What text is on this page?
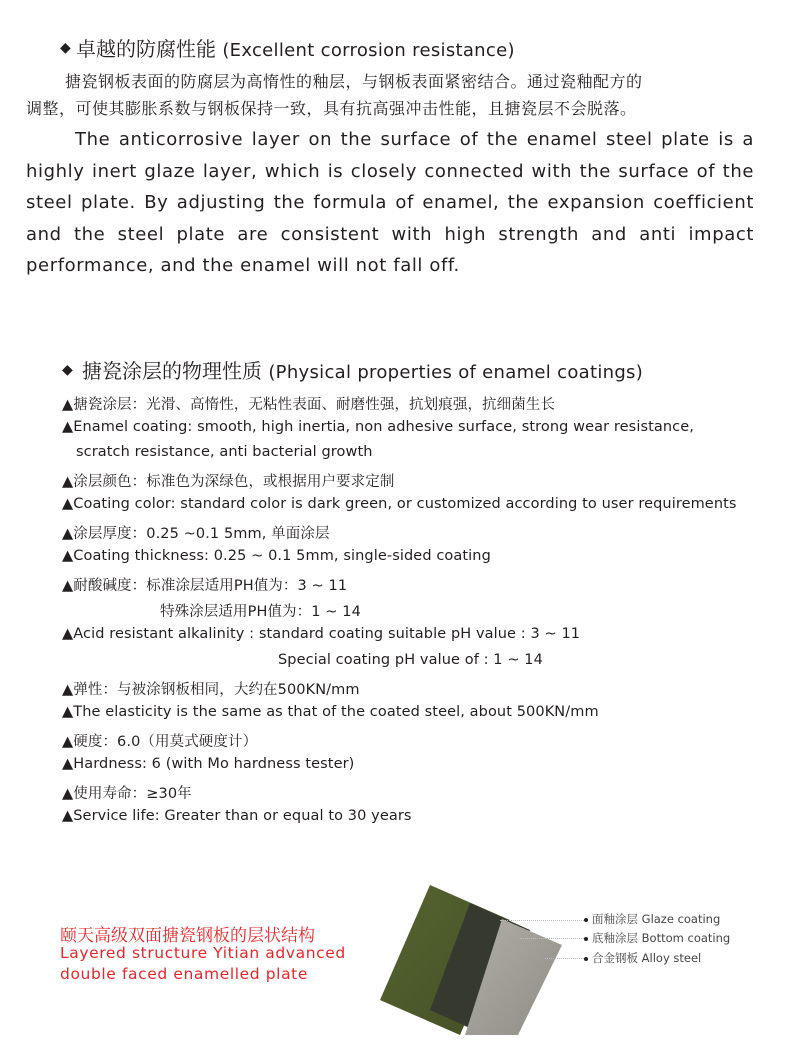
◆ 卓越的防腐性能 (Excellent corrosion resistance)
搪瓷钢板表面的防腐层为高惰性的釉层，与钢板表面紧密结合。通过瓷釉配方的
调整，可使其膨胀系数与钢板保持一致，具有抗高强冲击性能，且搪瓷层不会脱落。
The anticorrosive layer on the surface of the enamel steel plate is a highly inert glaze layer, which is closely connected with the surface of the steel plate. By adjusting the formula of enamel, the expansion coefficient and the steel plate are consistent with high strength and anti impact performance, and the enamel will not fall off.
◆ 搪瓷涂层的物理性质 (Physical properties of enamel coatings)
▲搪瓷涂层：光滑、高惰性，无粘性表面、耐磨性强，抗划痕强，抗细菌生长
▲Enamel coating: smooth, high inertia, non adhesive surface, strong wear resistance,
scratch resistance, anti bacterial growth
▲涂层颜色：标准色为深绿色，或根据用户要求定制
▲Coating color: standard color is dark green, or customized according to user requirements
▲涂层厚度：0.25 ~0.1 5mm, 单面涂层
▲Coating thickness: 0.25 ~ 0.1 5mm, single-sided coating
▲耐酸碱度：标准涂层适用PH值为：3 ~ 11
特殊涂层适用PH值为：1 ~ 14
▲Acid resistant alkalinity : standard coating suitable pH value : 3 ~ 11
Special coating pH value of : 1 ~ 14
▲弹性：与被涂钢板相同，大约在500KN/mm
▲The elasticity is the same as that of the coated steel, about 500KN/mm
▲硬度：6.0（用莫式硬度计）
▲Hardness: 6 (with Mo hardness tester)
▲使用寿命：≥30年
▲Service life: Greater than or equal to 30 years
颐天高级双面搪瓷钢板的层状结构
Layered structure Yitian advanced
double faced enamelled plate
面釉涂层 Glaze coating
底釉涂层 Bottom coating
合金钢板 Alloy steel
